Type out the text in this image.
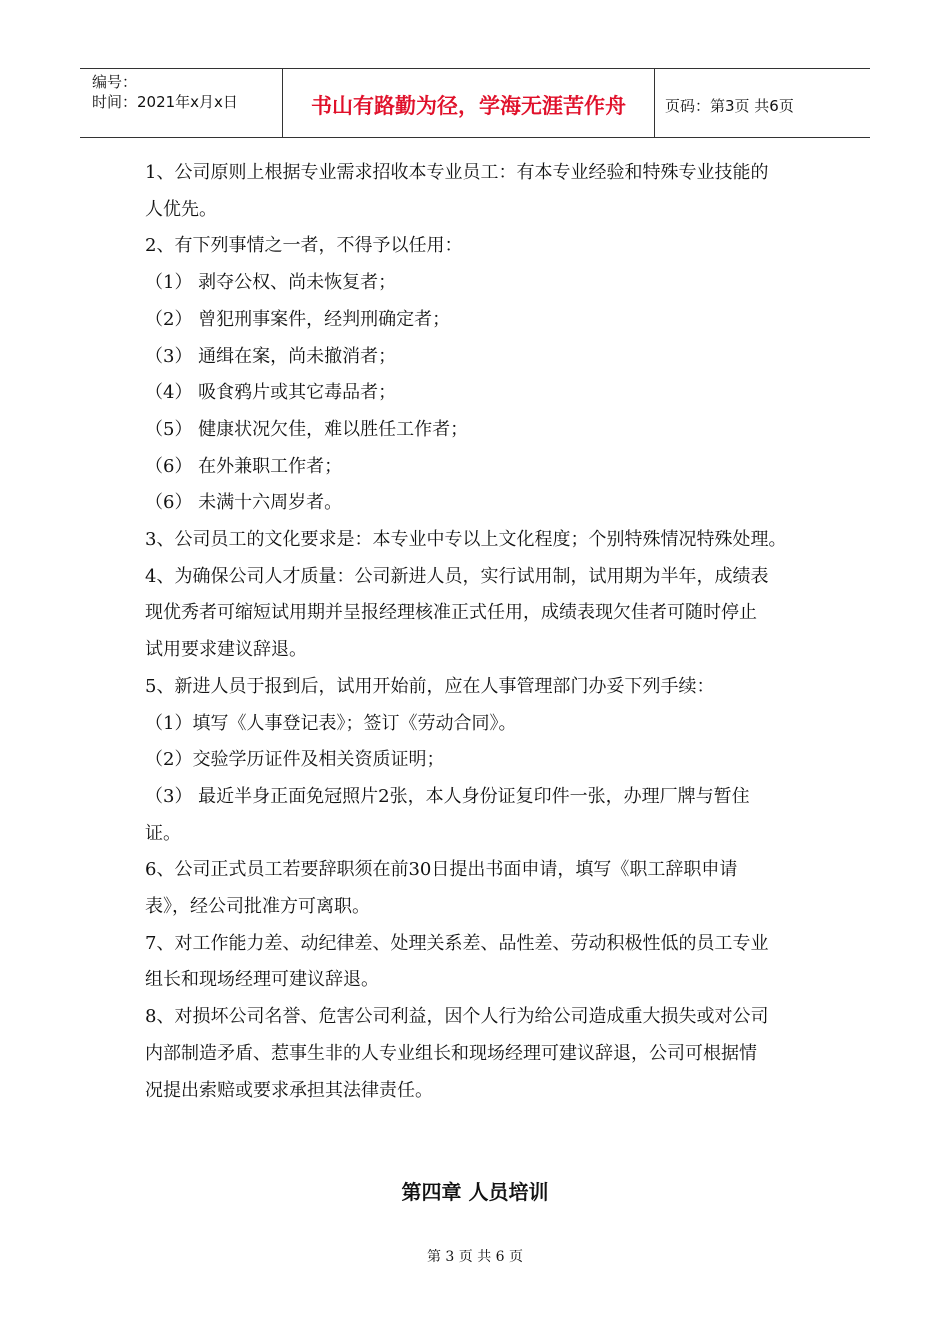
编号：
时间：2021年x月x日	书山有路勤为径，学海无涯苦作舟	页码：第3页 共6页

1、公司原则上根据专业需求招收本专业员工：有本专业经验和特殊专业技能的

人优先。

2、有下列事情之一者，不得予以任用：

（1） 剥夺公权、尚未恢复者；

（2） 曾犯刑事案件，经判刑确定者；

（3） 通缉在案，尚未撤消者；

（4） 吸食鸦片或其它毒品者；

（5） 健康状况欠佳，难以胜任工作者；

（6） 在外兼职工作者；

（6） 未满十六周岁者。

3、公司员工的文化要求是：本专业中专以上文化程度；个别特殊情况特殊处理。

4、为确保公司人才质量：公司新进人员，实行试用制，试用期为半年，成绩表

现优秀者可缩短试用期并呈报经理核准正式任用，成绩表现欠佳者可随时停止

试用要求建议辞退。

5、新进人员于报到后，试用开始前，应在人事管理部门办妥下列手续：

（1）填写《人事登记表》；签订《劳动合同》。

（2）交验学历证件及相关资质证明；

（3） 最近半身正面免冠照片2张，本人身份证复印件一张，办理厂牌与暂住

证。

6、公司正式员工若要辞职须在前30日提出书面申请，填写《职工辞职申请

表》，经公司批准方可离职。

7、对工作能力差、动纪律差、处理关系差、品性差、劳动积极性低的员工专业

组长和现场经理可建议辞退。

8、对损坏公司名誉、危害公司利益，因个人行为给公司造成重大损失或对公司

内部制造矛盾、惹事生非的人专业组长和现场经理可建议辞退，公司可根据情

况提出索赔或要求承担其法律责任。

第四章 人员培训
第 3 页 共 6 页
